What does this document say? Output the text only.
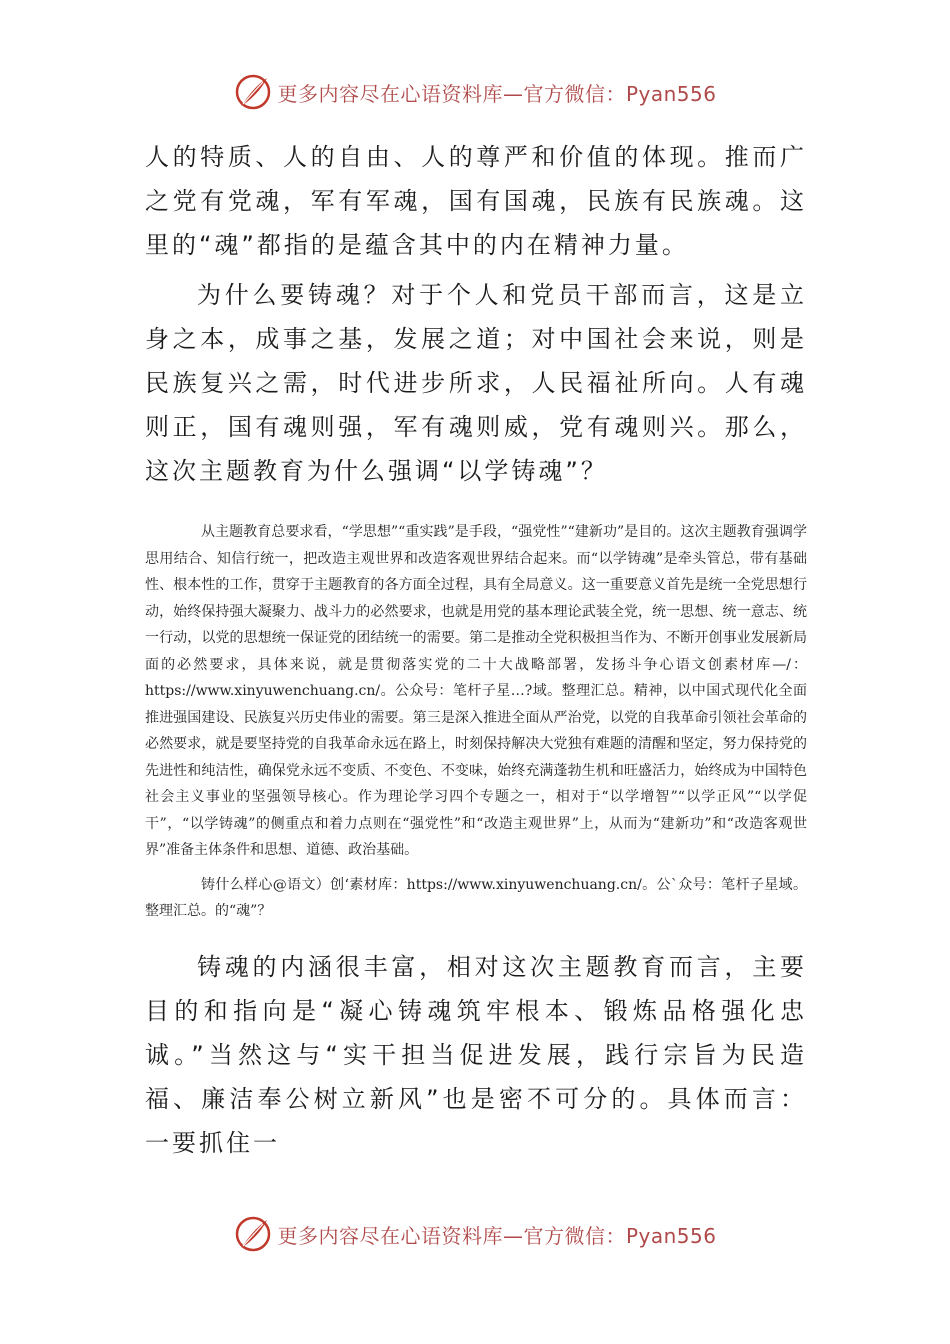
更多内容尽在心语资料库—官方微信：Pyan556

人的特质、人的自由、人的尊严和价值的体现。推而广之党有党魂，军有军魂，国有国魂，民族有民族魂。这里的“魂”都指的是蕴含其中的内在精神力量。

为什么要铸魂？对于个人和党员干部而言，这是立身之本，成事之基，发展之道；对中国社会来说，则是民族复兴之需，时代进步所求，人民福祉所向。人有魂则正，国有魂则强，军有魂则威，党有魂则兴。那么，这次主题教育为什么强调“以学铸魂”？

从主题教育总要求看，“学思想”“重实践”是手段，“强党性”“建新功”是目的。这次主题教育强调学思用结合、知信行统一，把改造主观世界和改造客观世界结合起来。而“以学铸魂”是牵头管总，带有基础性、根本性的工作，贯穿于主题教育的各方面全过程，具有全局意义。这一重要意义首先是统一全党思想行动，始终保持强大凝聚力、战斗力的必然要求，也就是用党的基本理论武装全党，统一思想、统一意志、统一行动，以党的思想统一保证党的团结统一的需要。第二是推动全党积极担当作为、不断开创事业发展新局面的必然要求，具体来说，就是贯彻落实党的二十大战略部署，发扬斗争心语文创素材库—/：https://www.xinyuwenchuang.cn/。公众号：笔杆子星…?域。整理汇总。精神，以中国式现代化全面推进强国建设、民族复兴历史伟业的需要。第三是深入推进全面从严治党，以党的自我革命引领社会革命的必然要求，就是要坚持党的自我革命永远在路上，时刻保持解决大党独有难题的清醒和坚定，努力保持党的先进性和纯洁性，确保党永远不变质、不变色、不变味，始终充满蓬勃生机和旺盛活力，始终成为中国特色社会主义事业的坚强领导核心。作为理论学习四个专题之一，相对于“以学增智”“以学正风”“以学促干”，“以学铸魂”的侧重点和着力点则在“强党性”和“改造主观世界”上，从而为“建新功”和“改造客观世界”准备主体条件和思想、道德、政治基础。

铸什么样心@语文）创‘素材库：https://www.xinyuwenchuang.cn/。公`众号：笔杆子星域。整理汇总。的“魂”？

铸魂的内涵很丰富，相对这次主题教育而言，主要目的和指向是“凝心铸魂筑牢根本、锻炼品格强化忠诚。”当然这与“实干担当促进发展，践行宗旨为民造福、廉洁奉公树立新风”也是密不可分的。具体而言：一要抓住一

更多内容尽在心语资料库—官方微信：Pyan556
